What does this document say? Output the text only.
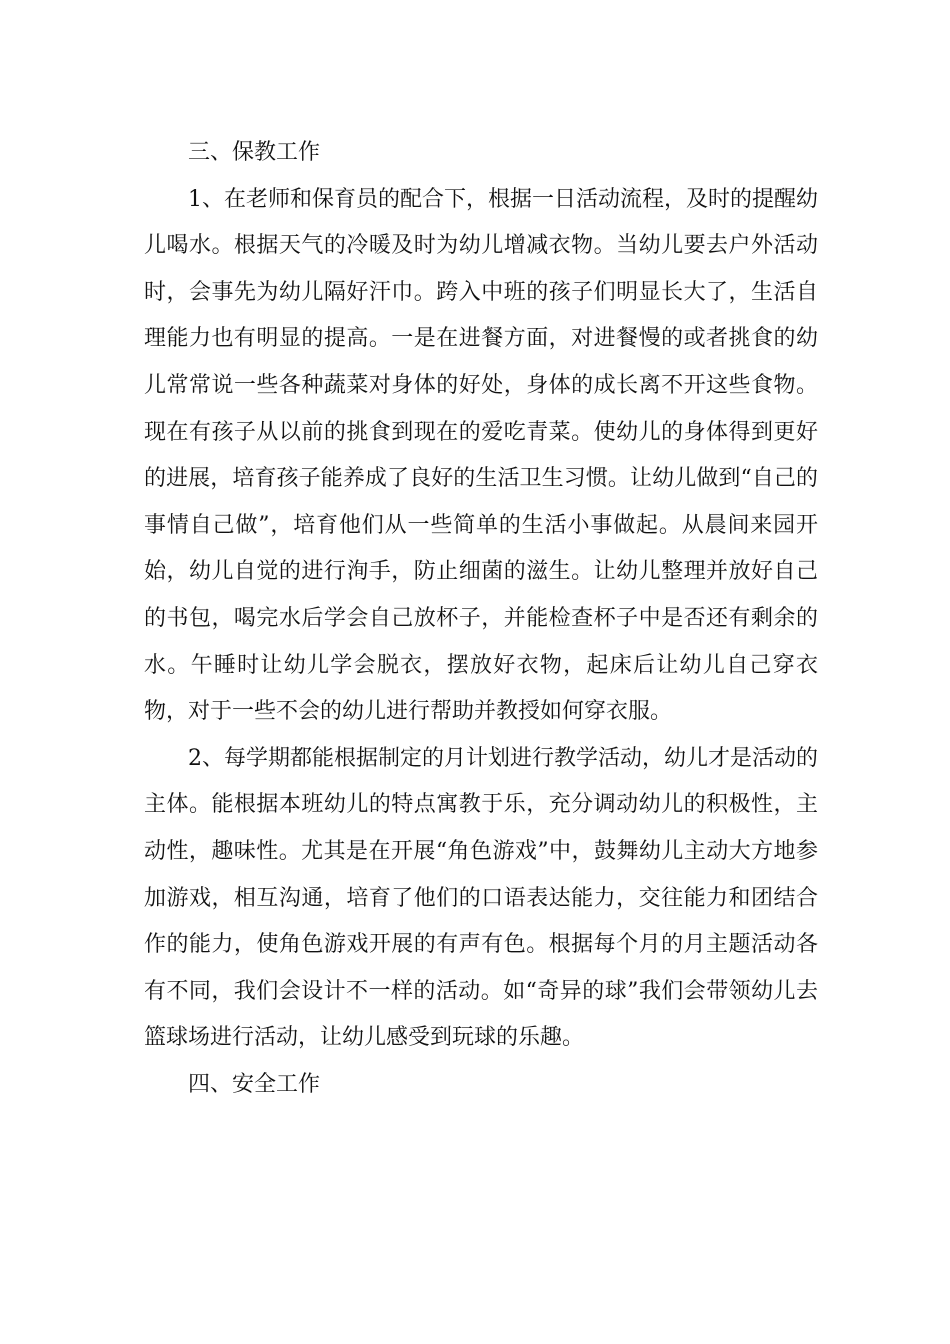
三、保教工作

1、在老师和保育员的配合下，根据一日活动流程，及时的提醒幼儿喝水。根据天气的冷暖及时为幼儿增减衣物。当幼儿要去户外活动时，会事先为幼儿隔好汗巾。跨入中班的孩子们明显长大了，生活自理能力也有明显的提高。一是在进餐方面，对进餐慢的或者挑食的幼儿常常说一些各种蔬菜对身体的好处，身体的成长离不开这些食物。现在有孩子从以前的挑食到现在的爱吃青菜。使幼儿的身体得到更好的进展，培育孩子能养成了良好的生活卫生习惯。让幼儿做到“自己的事情自己做”，培育他们从一些简单的生活小事做起。从晨间来园开始，幼儿自觉的进行洵手，防止细菌的滋生。让幼儿整理并放好自己的书包，喝完水后学会自己放杯子，并能检查杯子中是否还有剩余的水。午睡时让幼儿学会脱衣，摆放好衣物，起床后让幼儿自己穿衣物，对于一些不会的幼儿进行帮助并教授如何穿衣服。

2、每学期都能根据制定的月计划进行教学活动，幼儿才是活动的主体。能根据本班幼儿的特点寓教于乐，充分调动幼儿的积极性，主动性，趣味性。尤其是在开展“角色游戏”中，鼓舞幼儿主动大方地参加游戏，相互沟通，培育了他们的口语表达能力，交往能力和团结合作的能力，使角色游戏开展的有声有色。根据每个月的月主题活动各有不同，我们会设计不一样的活动。如“奇异的球”我们会带领幼儿去篮球场进行活动，让幼儿感受到玩球的乐趣。

四、安全工作
